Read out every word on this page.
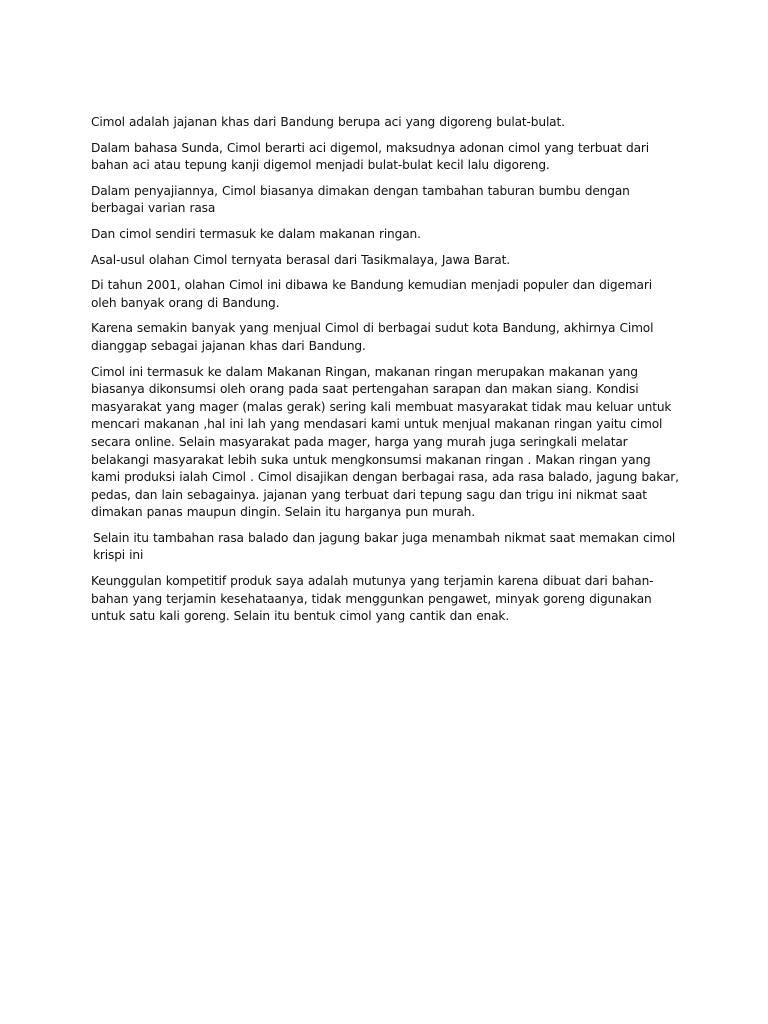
Cimol adalah jajanan khas dari Bandung berupa aci yang digoreng bulat-bulat.

Dalam bahasa Sunda, Cimol berarti aci digemol, maksudnya adonan cimol yang terbuat dari bahan aci atau tepung kanji digemol menjadi bulat-bulat kecil lalu digoreng.

Dalam penyajiannya, Cimol biasanya dimakan dengan tambahan taburan bumbu dengan berbagai varian rasa

Dan cimol sendiri termasuk ke dalam makanan ringan.

Asal-usul olahan Cimol ternyata berasal dari Tasikmalaya, Jawa Barat.

Di tahun 2001, olahan Cimol ini dibawa ke Bandung kemudian menjadi populer dan digemari oleh banyak orang di Bandung.

Karena semakin banyak yang menjual Cimol di berbagai sudut kota Bandung, akhirnya Cimol dianggap sebagai jajanan khas dari Bandung.

Cimol ini termasuk ke dalam Makanan Ringan, makanan ringan merupakan makanan yang biasanya dikonsumsi oleh orang pada saat pertengahan sarapan dan makan siang. Kondisi masyarakat yang mager (malas gerak) sering kali membuat masyarakat tidak mau keluar untuk mencari makanan ,hal ini lah yang mendasari kami untuk menjual makanan ringan yaitu cimol secara online. Selain masyarakat pada mager, harga yang murah juga seringkali melatar belakangi masyarakat lebih suka untuk mengkonsumsi makanan ringan . Makan ringan yang kami produksi ialah Cimol . Cimol disajikan dengan berbagai rasa, ada rasa balado, jagung bakar, pedas, dan lain sebagainya. jajanan yang terbuat dari tepung sagu dan trigu ini nikmat saat dimakan panas maupun dingin. Selain itu harganya pun murah.

Selain itu tambahan rasa balado dan jagung bakar juga menambah nikmat saat memakan cimol krispi ini

Keunggulan kompetitif produk saya adalah mutunya yang terjamin karena dibuat dari bahan-bahan yang terjamin kesehataanya, tidak menggunkan pengawet, minyak goreng digunakan untuk satu kali goreng. Selain itu bentuk cimol yang cantik dan enak.
